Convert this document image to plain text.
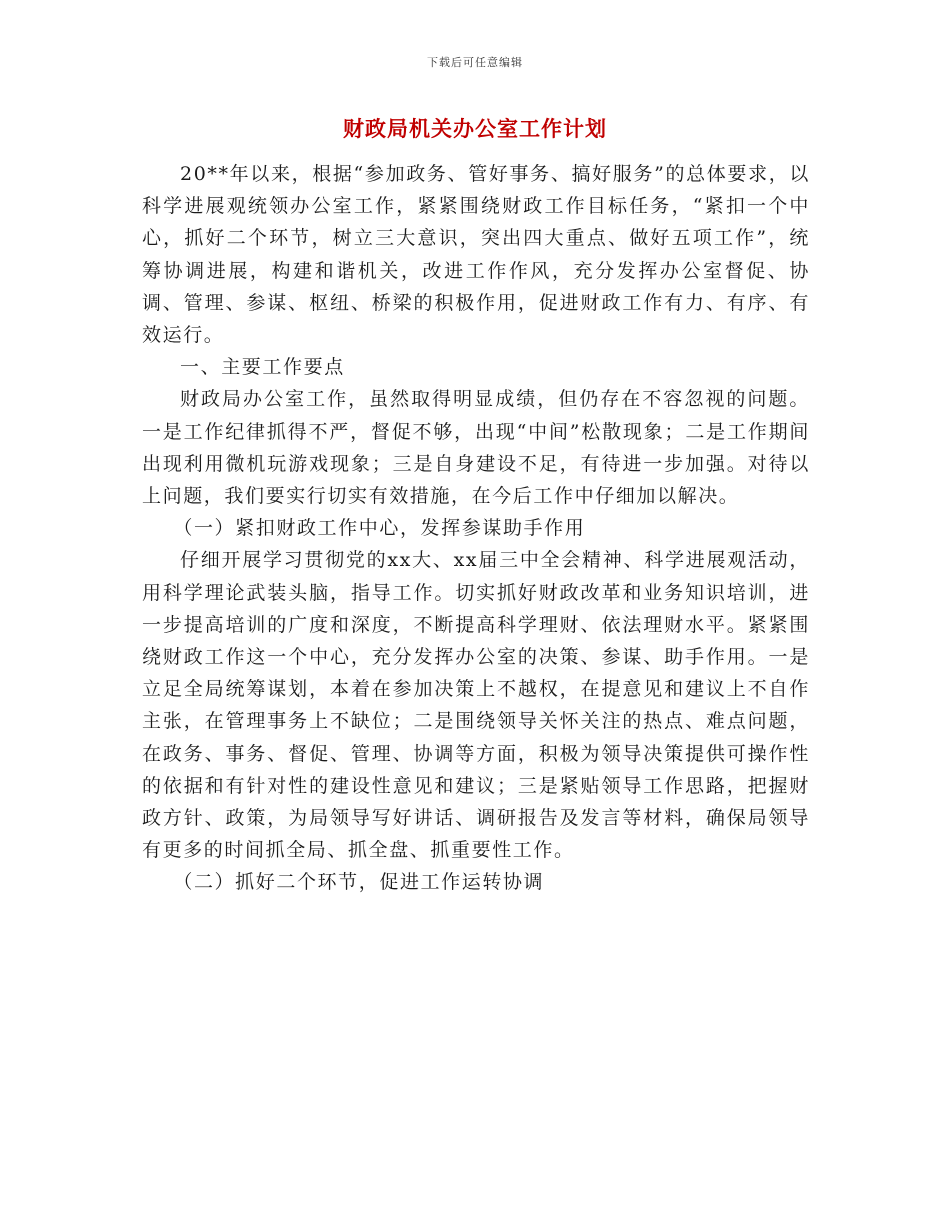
下载后可任意编辑
财政局机关办公室工作计划

20**年以来，根据“参加政务、管好事务、搞好服务”的总体要求，以科学进展观统领办公室工作，紧紧围绕财政工作目标任务，“紧扣一个中心，抓好二个环节，树立三大意识，突出四大重点、做好五项工作”，统筹协调进展，构建和谐机关，改进工作作风，充分发挥办公室督促、协调、管理、参谋、枢纽、桥梁的积极作用，促进财政工作有力、有序、有效运行。

一、主要工作要点

财政局办公室工作，虽然取得明显成绩，但仍存在不容忽视的问题。一是工作纪律抓得不严，督促不够，出现“中间”松散现象；二是工作期间出现利用微机玩游戏现象；三是自身建设不足，有待进一步加强。对待以上问题，我们要实行切实有效措施，在今后工作中仔细加以解决。

（一）紧扣财政工作中心，发挥参谋助手作用

仔细开展学习贯彻党的xx大、xx届三中全会精神、科学进展观活动，用科学理论武装头脑，指导工作。切实抓好财政改革和业务知识培训，进一步提高培训的广度和深度，不断提高科学理财、依法理财水平。紧紧围绕财政工作这一个中心，充分发挥办公室的决策、参谋、助手作用。一是立足全局统筹谋划，本着在参加决策上不越权，在提意见和建议上不自作主张，在管理事务上不缺位；二是围绕领导关怀关注的热点、难点问题，在政务、事务、督促、管理、协调等方面，积极为领导决策提供可操作性的依据和有针对性的建设性意见和建议；三是紧贴领导工作思路，把握财政方针、政策，为局领导写好讲话、调研报告及发言等材料，确保局领导有更多的时间抓全局、抓全盘、抓重要性工作。

（二）抓好二个环节，促进工作运转协调
